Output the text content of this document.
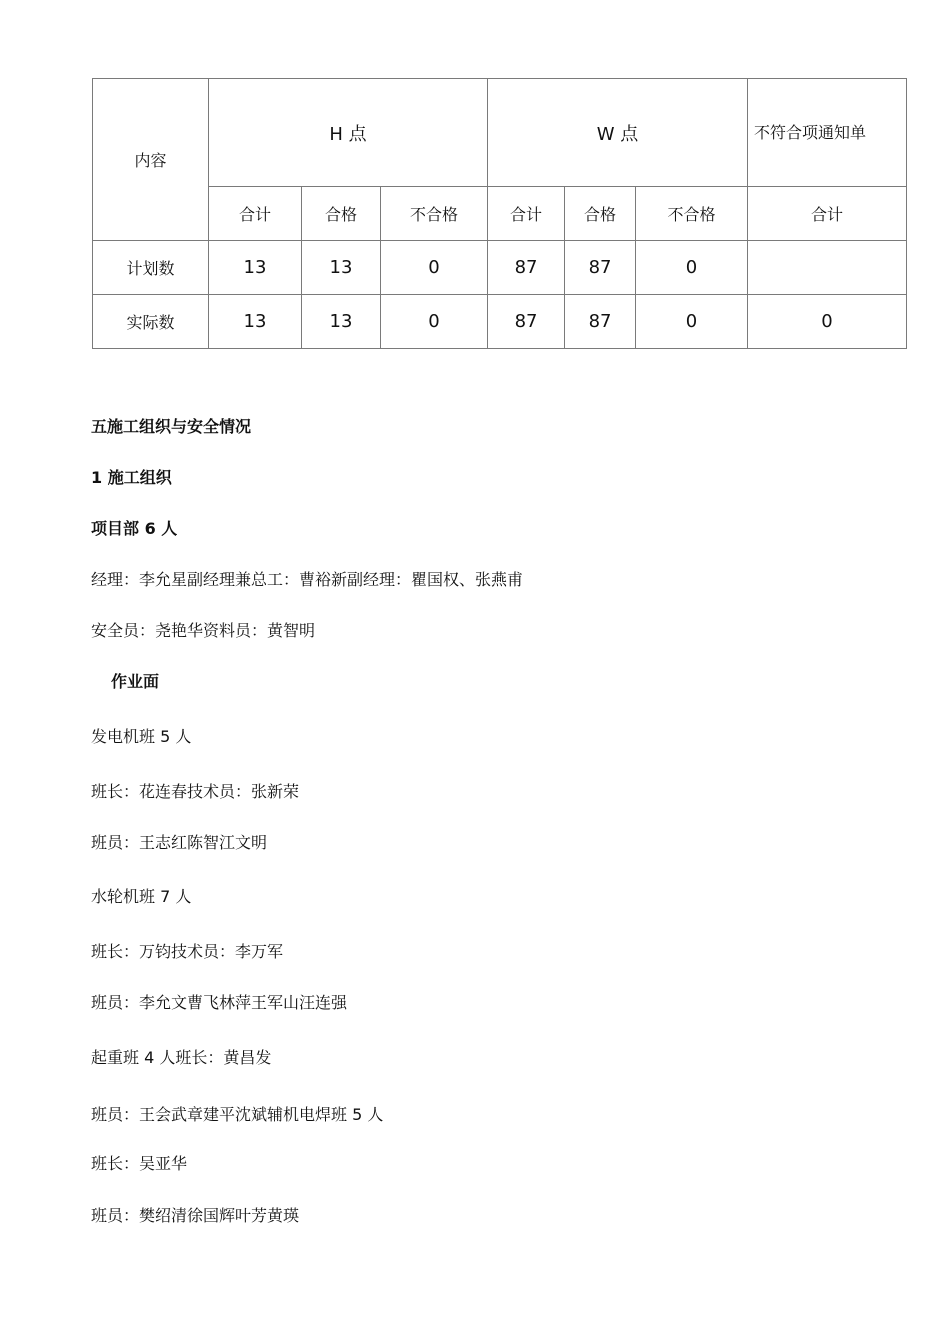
内容	H 点			W 点			不符合项通知单
	合计	合格	不合格	合计	合格	不合格	合计
计划数	13	13	0	87	87	0	
实际数	13	13	0	87	87	0	0
五施工组织与安全情况
1 施工组织
项目部 6 人
经理：李允星副经理兼总工：曹裕新副经理：瞿国权、张燕甫
安全员：尧艳华资料员：黄智明
作业面
发电机班 5 人
班长：花连春技术员：张新荣
班员：王志红陈智江文明
水轮机班 7 人
班长：万钧技术员：李万军
班员：李允文曹飞林萍王军山汪连强
起重班 4 人班长：黄昌发
班员：王会武章建平沈斌辅机电焊班 5 人
班长：吴亚华
班员：樊绍清徐国辉叶芳黄瑛
